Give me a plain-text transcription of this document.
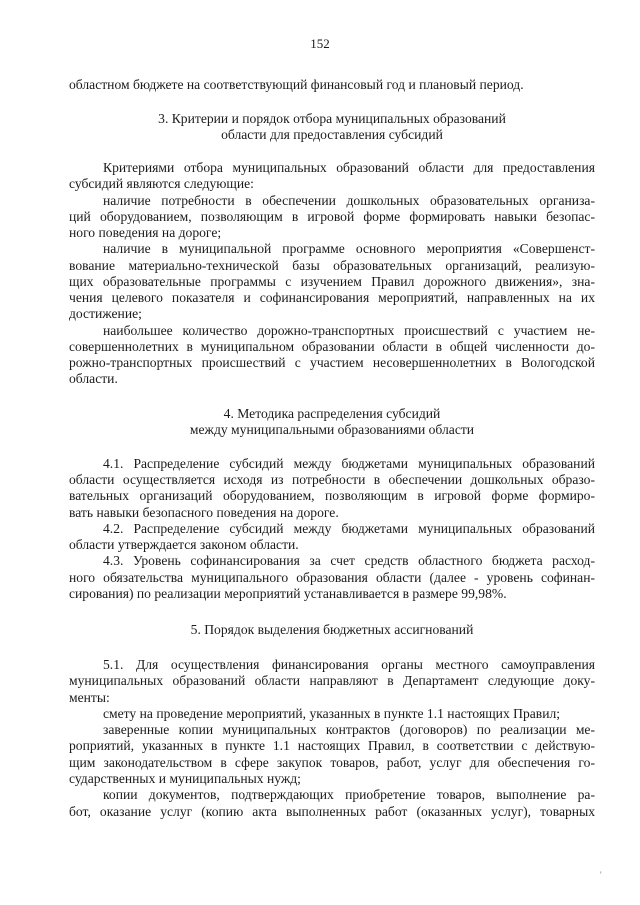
152
областном бюджете на соответствующий финансовый год и плановый период.
3. Критерии и порядок отбора муниципальных образований
области для предоставления субсидий
Критериями отбора муниципальных образований области для предоставления
субсидий являются следующие:
наличие потребности в обеспечении дошкольных образовательных организа-
ций оборудованием, позволяющим в игровой форме формировать навыки безопас-
ного поведения на дороге;
наличие в муниципальной программе основного мероприятия «Совершенст-
вование материально-технической базы образовательных организаций, реализую-
щих образовательные программы с изучением Правил дорожного движения», зна-
чения целевого показателя и софинансирования мероприятий, направленных на их
достижение;
наибольшее количество дорожно-транспортных происшествий с участием не-
совершеннолетних в муниципальном образовании области в общей численности до-
рожно-транспортных происшествий с участием несовершеннолетних в Вологодской
области.
4. Методика распределения субсидий
между муниципальными образованиями области
4.1. Распределение субсидий между бюджетами муниципальных образований
области осуществляется исходя из потребности в обеспечении дошкольных образо-
вательных организаций оборудованием, позволяющим в игровой форме формиро-
вать навыки безопасного поведения на дороге.
4.2. Распределение субсидий между бюджетами муниципальных образований
области утверждается законом области.
4.3. Уровень софинансирования за счет средств областного бюджета расход-
ного обязательства муниципального образования области (далее - уровень софинан-
сирования) по реализации мероприятий устанавливается в размере 99,98%.
5. Порядок выделения бюджетных ассигнований
5.1. Для осуществления финансирования органы местного самоуправления
муниципальных образований области направляют в Департамент следующие доку-
менты:
смету на проведение мероприятий, указанных в пункте 1.1 настоящих Правил;
заверенные копии муниципальных контрактов (договоров) по реализации ме-
роприятий, указанных в пункте 1.1 настоящих Правил, в соответствии с действую-
щим законодательством в сфере закупок товаров, работ, услуг для обеспечения го-
сударственных и муниципальных нужд;
копии документов, подтверждающих приобретение товаров, выполнение ра-
бот, оказание услуг (копию акта выполненных работ (оказанных услуг), товарных
'
